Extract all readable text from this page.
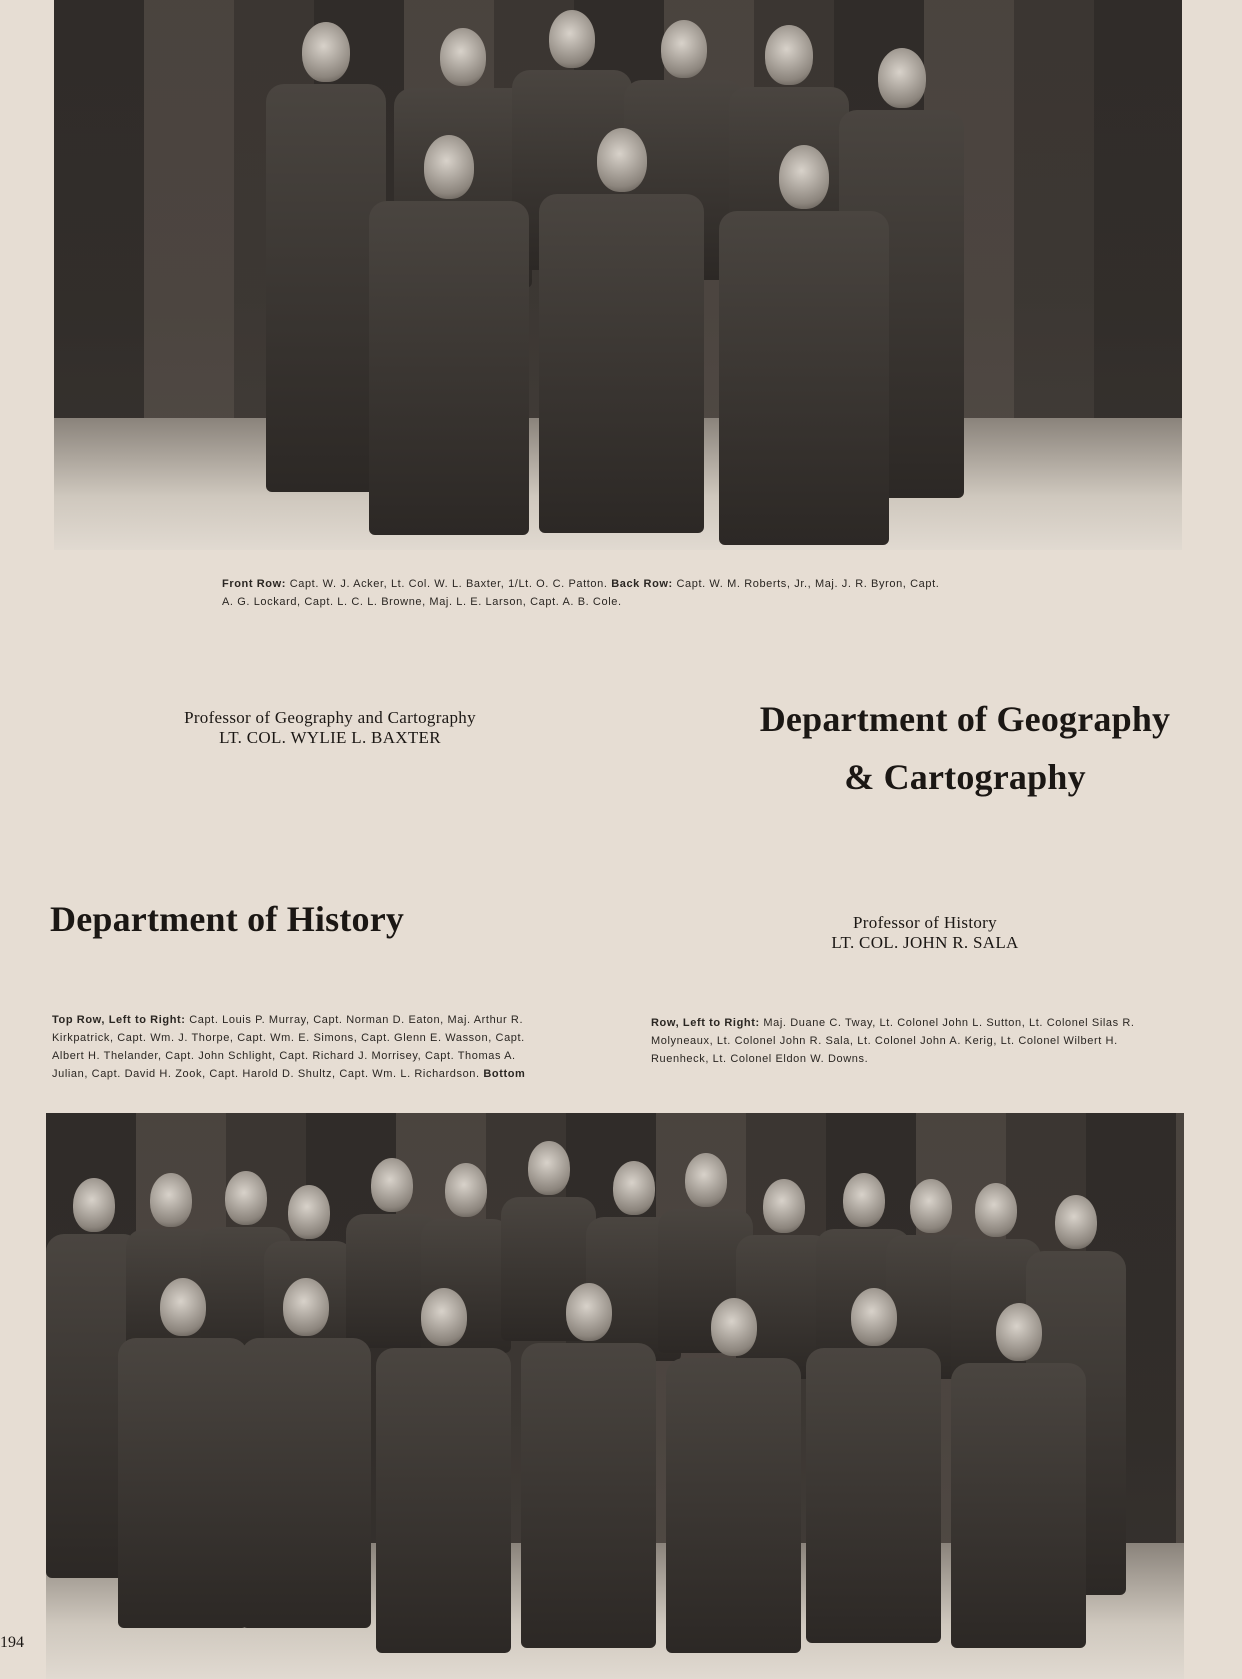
Front Row: Capt. W. J. Acker, Lt. Col. W. L. Baxter, 1/Lt. O. C. Patton. Back Row: Capt. W. M. Roberts, Jr., Maj. J. R. Byron, Capt.
A. G. Lockard, Capt. L. C. L. Browne, Maj. L. E. Larson, Capt. A. B. Cole.
Professor of Geography and Cartography
LT. COL. WYLIE L. BAXTER	Department of Geography
& Cartography
Department of History	Professor of History
LT. COL. JOHN R. SALA
Top Row, Left to Right: Capt. Louis P. Murray, Capt. Norman D. Eaton, Maj. Arthur R.
Kirkpatrick, Capt. Wm. J. Thorpe, Capt. Wm. E. Simons, Capt. Glenn E. Wasson, Capt.
Albert H. Thelander, Capt. John Schlight, Capt. Richard J. Morrisey, Capt. Thomas A.
Julian, Capt. David H. Zook, Capt. Harold D. Shultz, Capt. Wm. L. Richardson. Bottom
Row, Left to Right: Maj. Duane C. Tway, Lt. Colonel John L. Sutton, Lt. Colonel Silas R.
Molyneaux, Lt. Colonel John R. Sala, Lt. Colonel John A. Kerig, Lt. Colonel Wilbert H.
Ruenheck, Lt. Colonel Eldon W. Downs.
194
